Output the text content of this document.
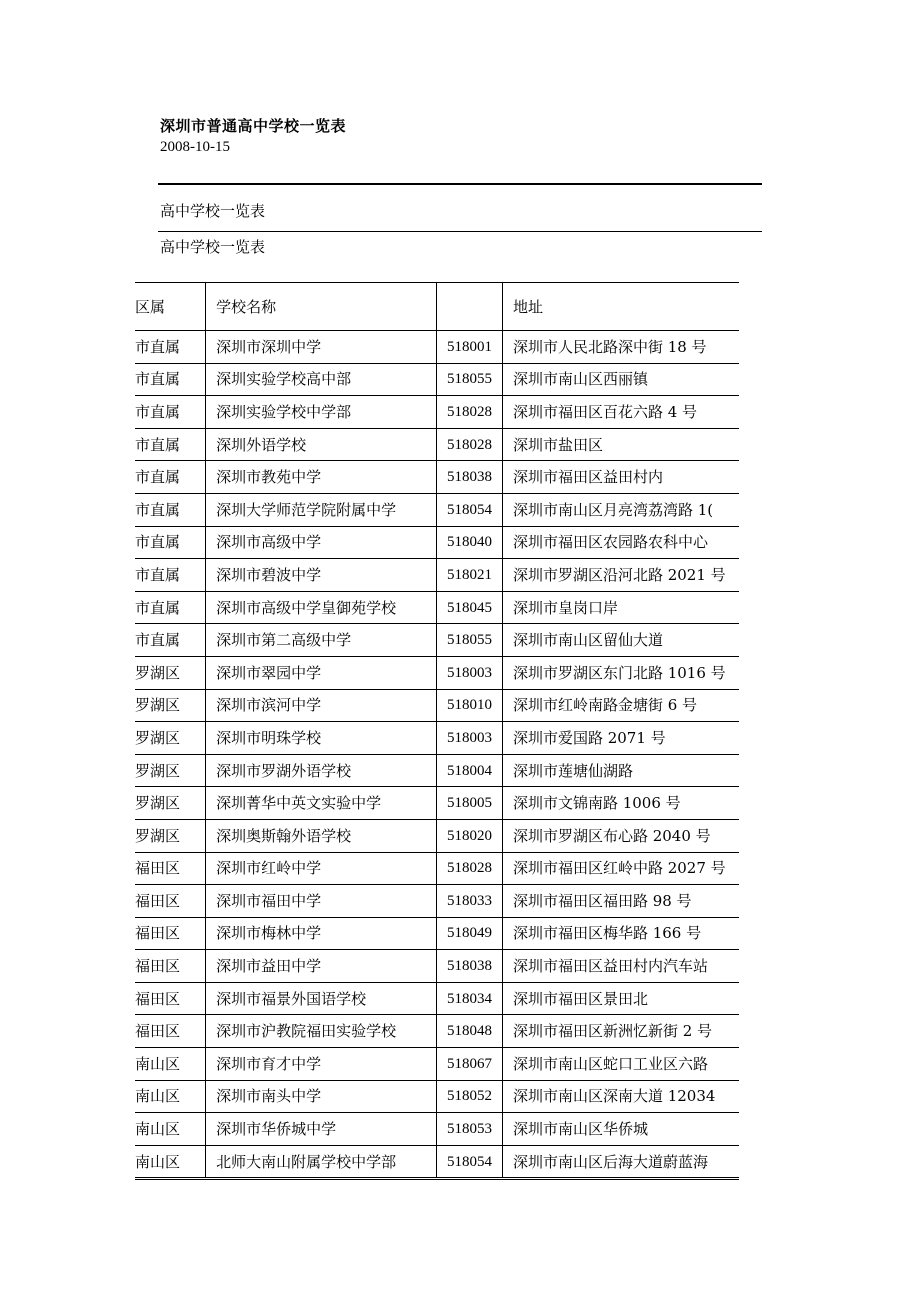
深圳市普通高中学校一览表
2008-10-15
高中学校一览表
高中学校一览表
区属	学校名称		地址
市直属	深圳市深圳中学	518001	深圳市人民北路深中街 18 号
市直属	深圳实验学校高中部	518055	深圳市南山区西丽镇
市直属	深圳实验学校中学部	518028	深圳市福田区百花六路 4 号
市直属	深圳外语学校	518028	深圳市盐田区
市直属	深圳市教苑中学	518038	深圳市福田区益田村内
市直属	深圳大学师范学院附属中学	518054	深圳市南山区月亮湾荔湾路 1(
市直属	深圳市高级中学	518040	深圳市福田区农园路农科中心
市直属	深圳市碧波中学	518021	深圳市罗湖区沿河北路 2021 号
市直属	深圳市高级中学皇御苑学校	518045	深圳市皇岗口岸
市直属	深圳市第二高级中学	518055	深圳市南山区留仙大道
罗湖区	深圳市翠园中学	518003	深圳市罗湖区东门北路 1016 号
罗湖区	深圳市滨河中学	518010	深圳市红岭南路金塘街 6 号
罗湖区	深圳市明珠学校	518003	深圳市爱国路 2071 号
罗湖区	深圳市罗湖外语学校	518004	深圳市莲塘仙湖路
罗湖区	深圳菁华中英文实验中学	518005	深圳市文锦南路 1006 号
罗湖区	深圳奥斯翰外语学校	518020	深圳市罗湖区布心路 2040 号
福田区	深圳市红岭中学	518028	深圳市福田区红岭中路 2027 号
福田区	深圳市福田中学	518033	深圳市福田区福田路 98 号
福田区	深圳市梅林中学	518049	深圳市福田区梅华路 166 号
福田区	深圳市益田中学	518038	深圳市福田区益田村内汽车站
福田区	深圳市福景外国语学校	518034	深圳市福田区景田北
福田区	深圳市沪教院福田实验学校	518048	深圳市福田区新洲忆新街 2 号
南山区	深圳市育才中学	518067	深圳市南山区蛇口工业区六路
南山区	深圳市南头中学	518052	深圳市南山区深南大道 12034
南山区	深圳市华侨城中学	518053	深圳市南山区华侨城
南山区	北师大南山附属学校中学部	518054	深圳市南山区后海大道蔚蓝海
